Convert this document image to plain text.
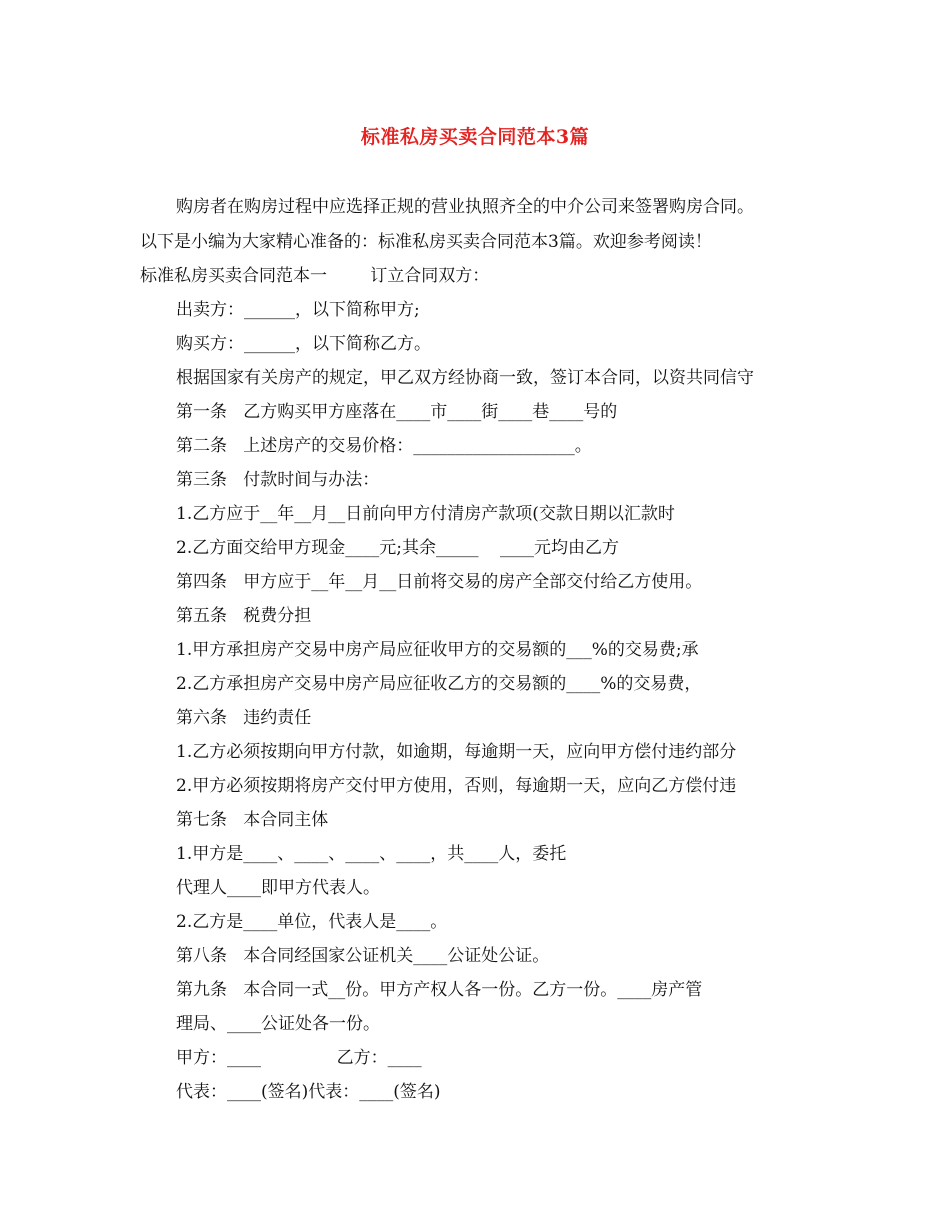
标准私房买卖合同范本3篇
购房者在购房过程中应选择正规的营业执照齐全的中介公司来签署购房合同。
以下是小编为大家精心准备的：标准私房买卖合同范本3篇。欢迎参考阅读！
标准私房买卖合同范本一        订立合同双方：
出卖方：______，以下简称甲方;
购买方：______，以下简称乙方。
根据国家有关房产的规定，甲乙双方经协商一致，签订本合同，以资共同信守
第一条   乙方购买甲方座落在____市____街____巷____号的
第二条   上述房产的交易价格：___________________。
第三条   付款时间与办法：
1.乙方应于__年__月__日前向甲方付清房产款项(交款日期以汇款时
2.乙方面交给甲方现金____元;其余_____    ____元均由乙方
第四条   甲方应于__年__月__日前将交易的房产全部交付给乙方使用。
第五条   税费分担
1.甲方承担房产交易中房产局应征收甲方的交易额的___%的交易费;承
2.乙方承担房产交易中房产局应征收乙方的交易额的____%的交易费，
第六条   违约责任
1.乙方必须按期向甲方付款，如逾期，每逾期一天，应向甲方偿付违约部分
2.甲方必须按期将房产交付甲方使用，否则，每逾期一天，应向乙方偿付违
第七条   本合同主体
1.甲方是____、____、____、____，共____人，委托
代理人____即甲方代表人。
2.乙方是____单位，代表人是____。
第八条   本合同经国家公证机关____公证处公证。
第九条   本合同一式__份。甲方产权人各一份。乙方一份。____房产管
理局、____公证处各一份。
甲方：____              乙方：____
代表：____(签名)代表：____(签名)
